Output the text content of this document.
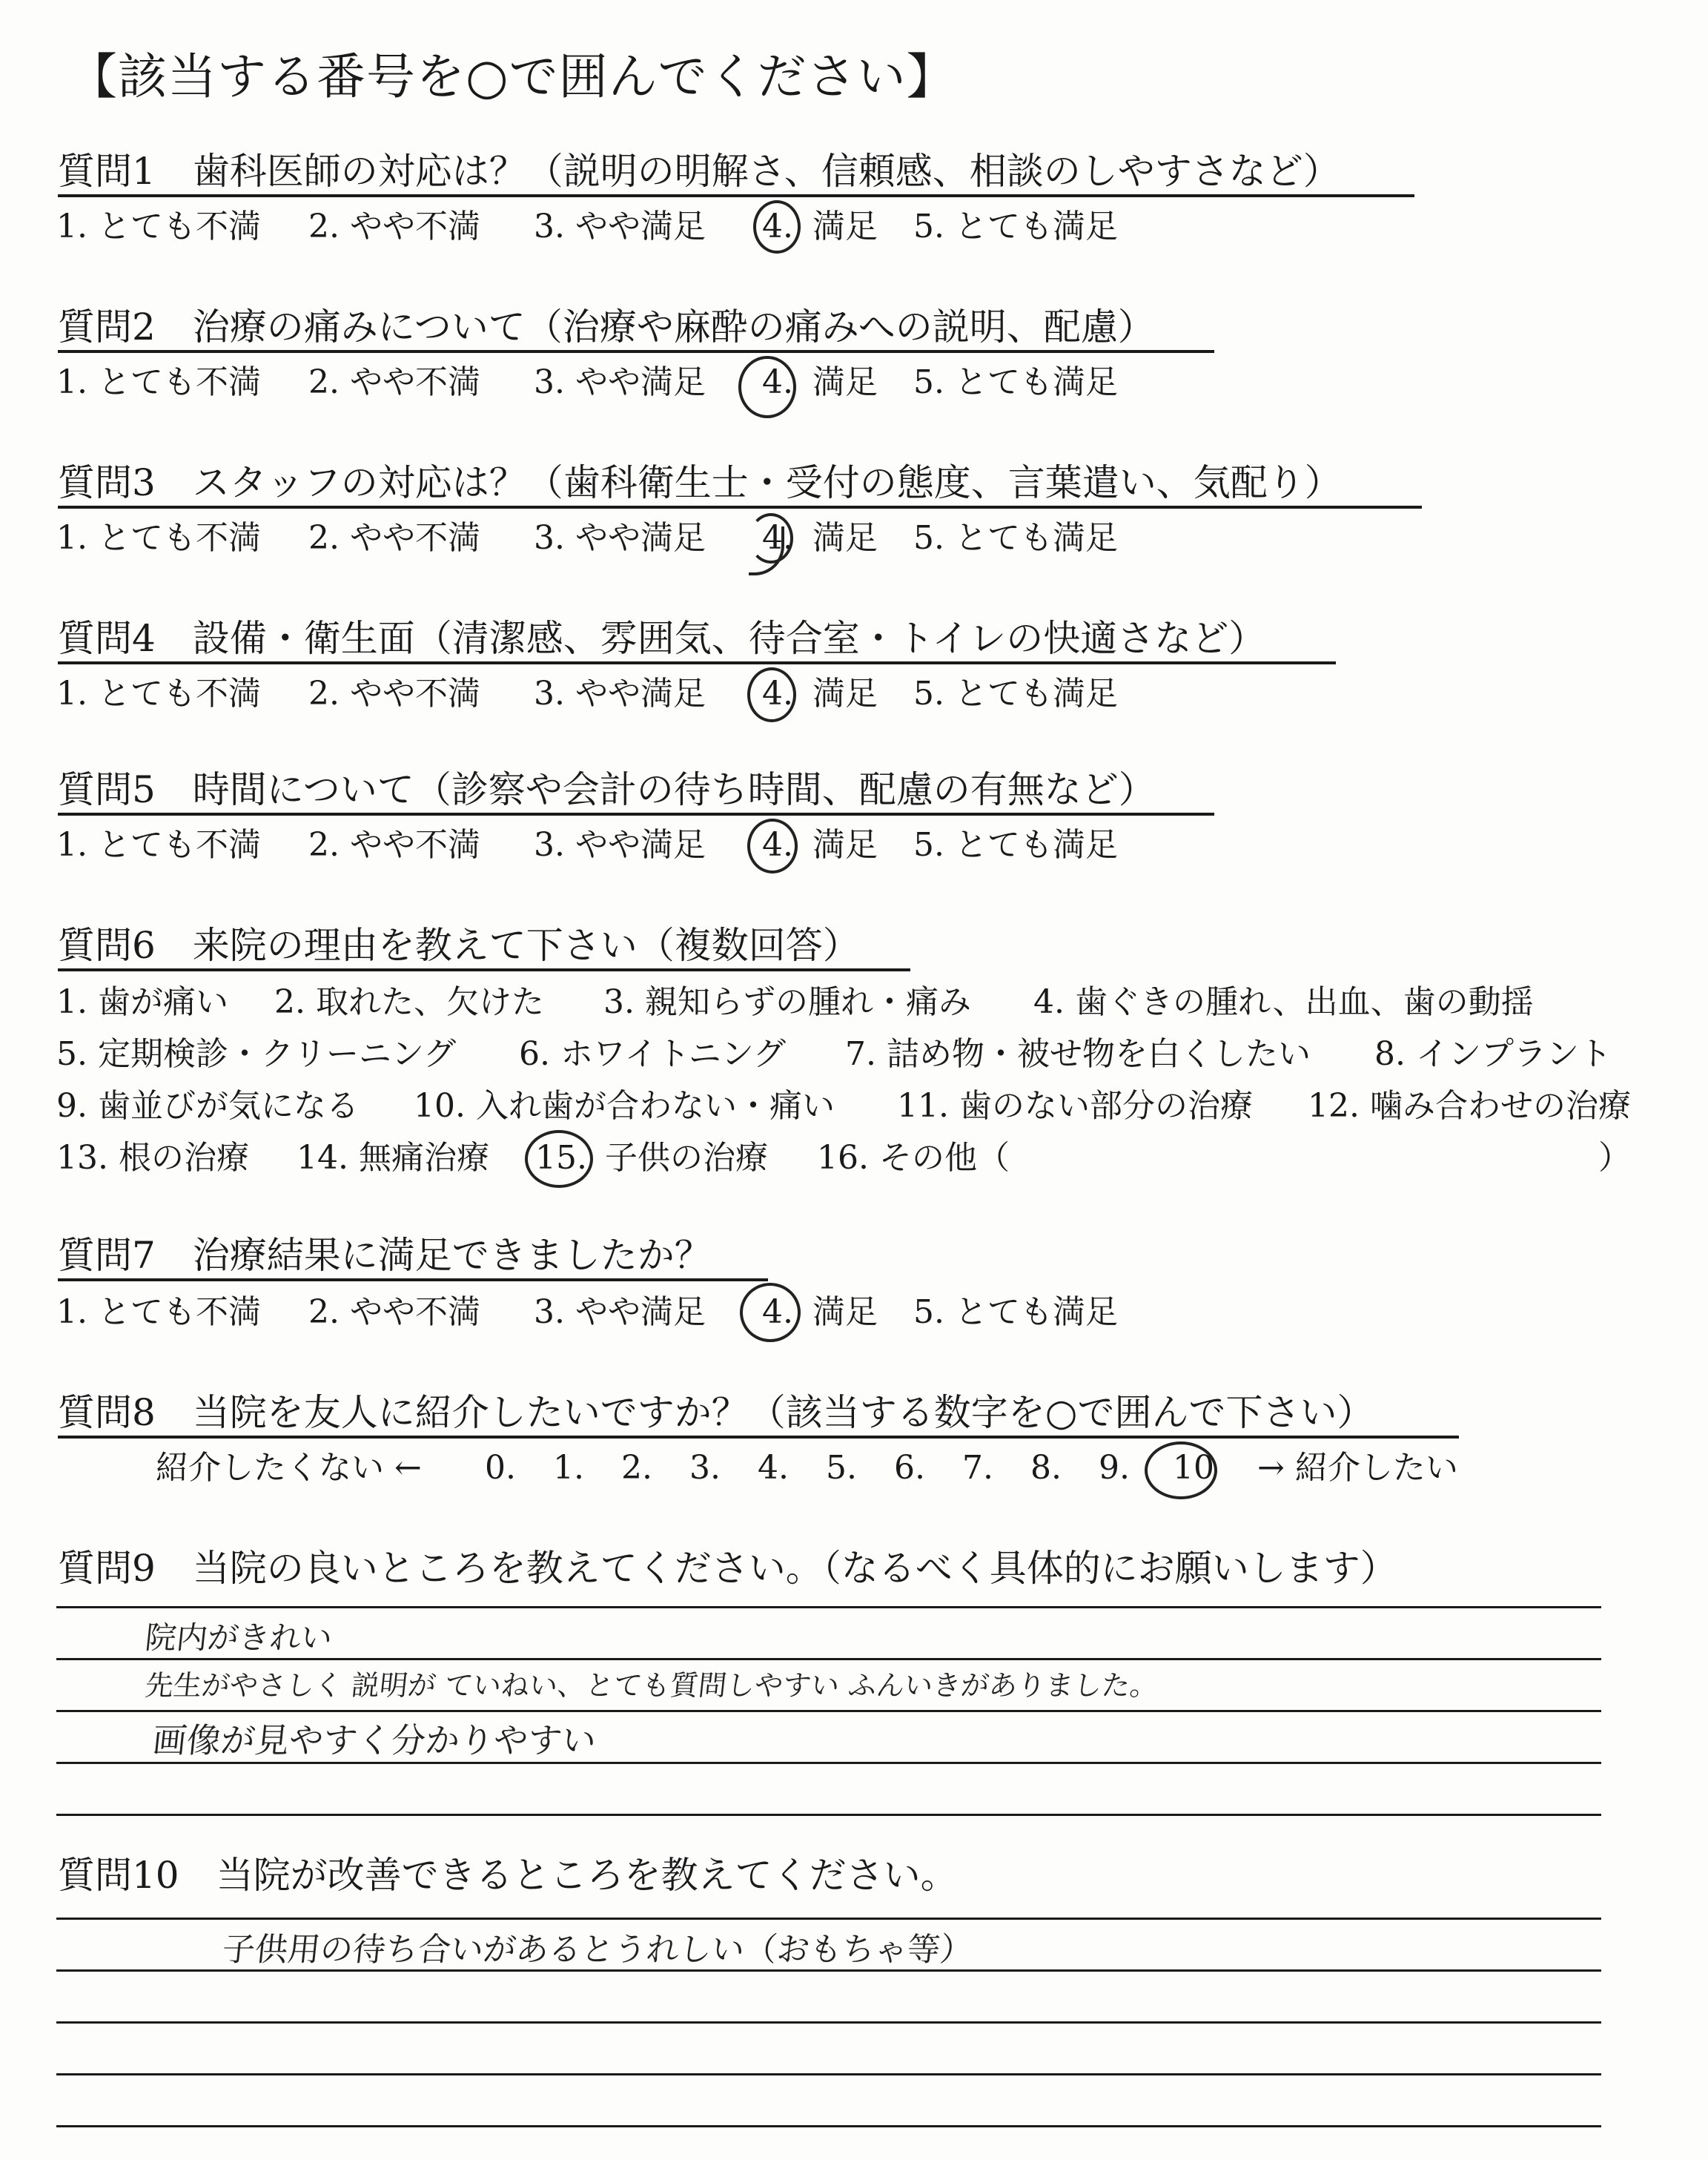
【該当する番号を○で囲んでください】
質問1　歯科医師の対応は？（説明の明解さ、信頼感、相談のしやすさなど）
1. とても不満 2. やや不満 3. やや満足 4. 満足 5. とても満足
質問2　治療の痛みについて（治療や麻酔の痛みへの説明、配慮）
1. とても不満 2. やや不満 3. やや満足 4. 満足 5. とても満足
質問3　スタッフの対応は？（歯科衛生士・受付の態度、言葉遣い、気配り）
1. とても不満 2. やや不満 3. やや満足 4. 満足 5. とても満足
質問4　設備・衛生面（清潔感、雰囲気、待合室・トイレの快適さなど）
1. とても不満 2. やや不満 3. やや満足 4. 満足 5. とても満足
質問5　時間について（診察や会計の待ち時間、配慮の有無など）
1. とても不満 2. やや不満 3. やや満足 4. 満足 5. とても満足
質問6　来院の理由を教えて下さい（複数回答）
1. 歯が痛い 2. 取れた、欠けた 3. 親知らずの腫れ・痛み 4. 歯ぐきの腫れ、出血、歯の動揺
5. 定期検診・クリーニング 6. ホワイトニング 7. 詰め物・被せ物を白くしたい 8. インプラント
9. 歯並びが気になる 10. 入れ歯が合わない・痛い 11. 歯のない部分の治療 12. 噛み合わせの治療
13. 根の治療 14. 無痛治療 15. 子供の治療 16. その他（	）
質問7　治療結果に満足できましたか？
1. とても不満 2. やや不満 3. やや満足 4. 満足 5. とても満足
質問8　当院を友人に紹介したいですか？（該当する数字を○で囲んで下さい）
紹介したくない ← 0. 1. 2. 3. 4. 5. 6. 7. 8. 9. 10 → 紹介したい
質問9　当院の良いところを教えてください。（なるべく具体的にお願いします）
院内がきれい
先生がやさしく 説明が ていねい、とても質問しやすい ふんいきがありました。
画像が見やすく分かりやすい
質問10　当院が改善できるところを教えてください。
子供用の待ち合いがあるとうれしい（おもちゃ等）
